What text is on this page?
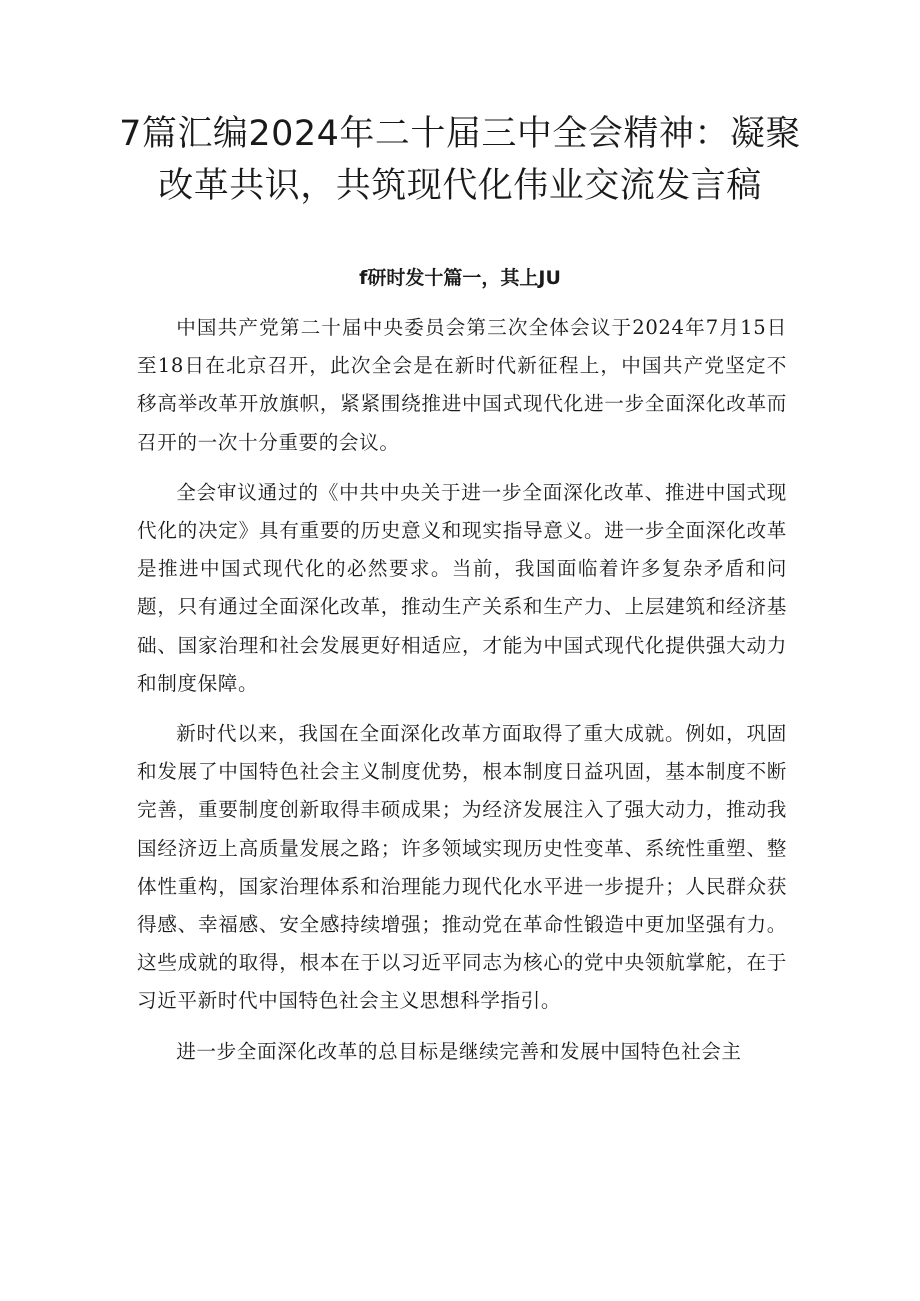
7篇汇编2024年二十届三中全会精神：凝聚改革共识，共筑现代化伟业交流发言稿
f研时发十篇一，其上JU

中国共产党第二十届中央委员会第三次全体会议于2024年7月15日至18日在北京召开，此次全会是在新时代新征程上，中国共产党坚定不移高举改革开放旗帜，紧紧围绕推进中国式现代化进一步全面深化改革而召开的一次十分重要的会议。

全会审议通过的《中共中央关于进一步全面深化改革、推进中国式现代化的决定》具有重要的历史意义和现实指导意义。进一步全面深化改革是推进中国式现代化的必然要求。当前，我国面临着许多复杂矛盾和问题，只有通过全面深化改革，推动生产关系和生产力、上层建筑和经济基础、国家治理和社会发展更好相适应，才能为中国式现代化提供强大动力和制度保障。

新时代以来，我国在全面深化改革方面取得了重大成就。例如，巩固和发展了中国特色社会主义制度优势，根本制度日益巩固，基本制度不断完善，重要制度创新取得丰硕成果；为经济发展注入了强大动力，推动我国经济迈上高质量发展之路；许多领域实现历史性变革、系统性重塑、整体性重构，国家治理体系和治理能力现代化水平进一步提升；人民群众获得感、幸福感、安全感持续增强；推动党在革命性锻造中更加坚强有力。这些成就的取得，根本在于以习近平同志为核心的党中央领航掌舵，在于习近平新时代中国特色社会主义思想科学指引。

进一步全面深化改革的总目标是继续完善和发展中国特色社会主
